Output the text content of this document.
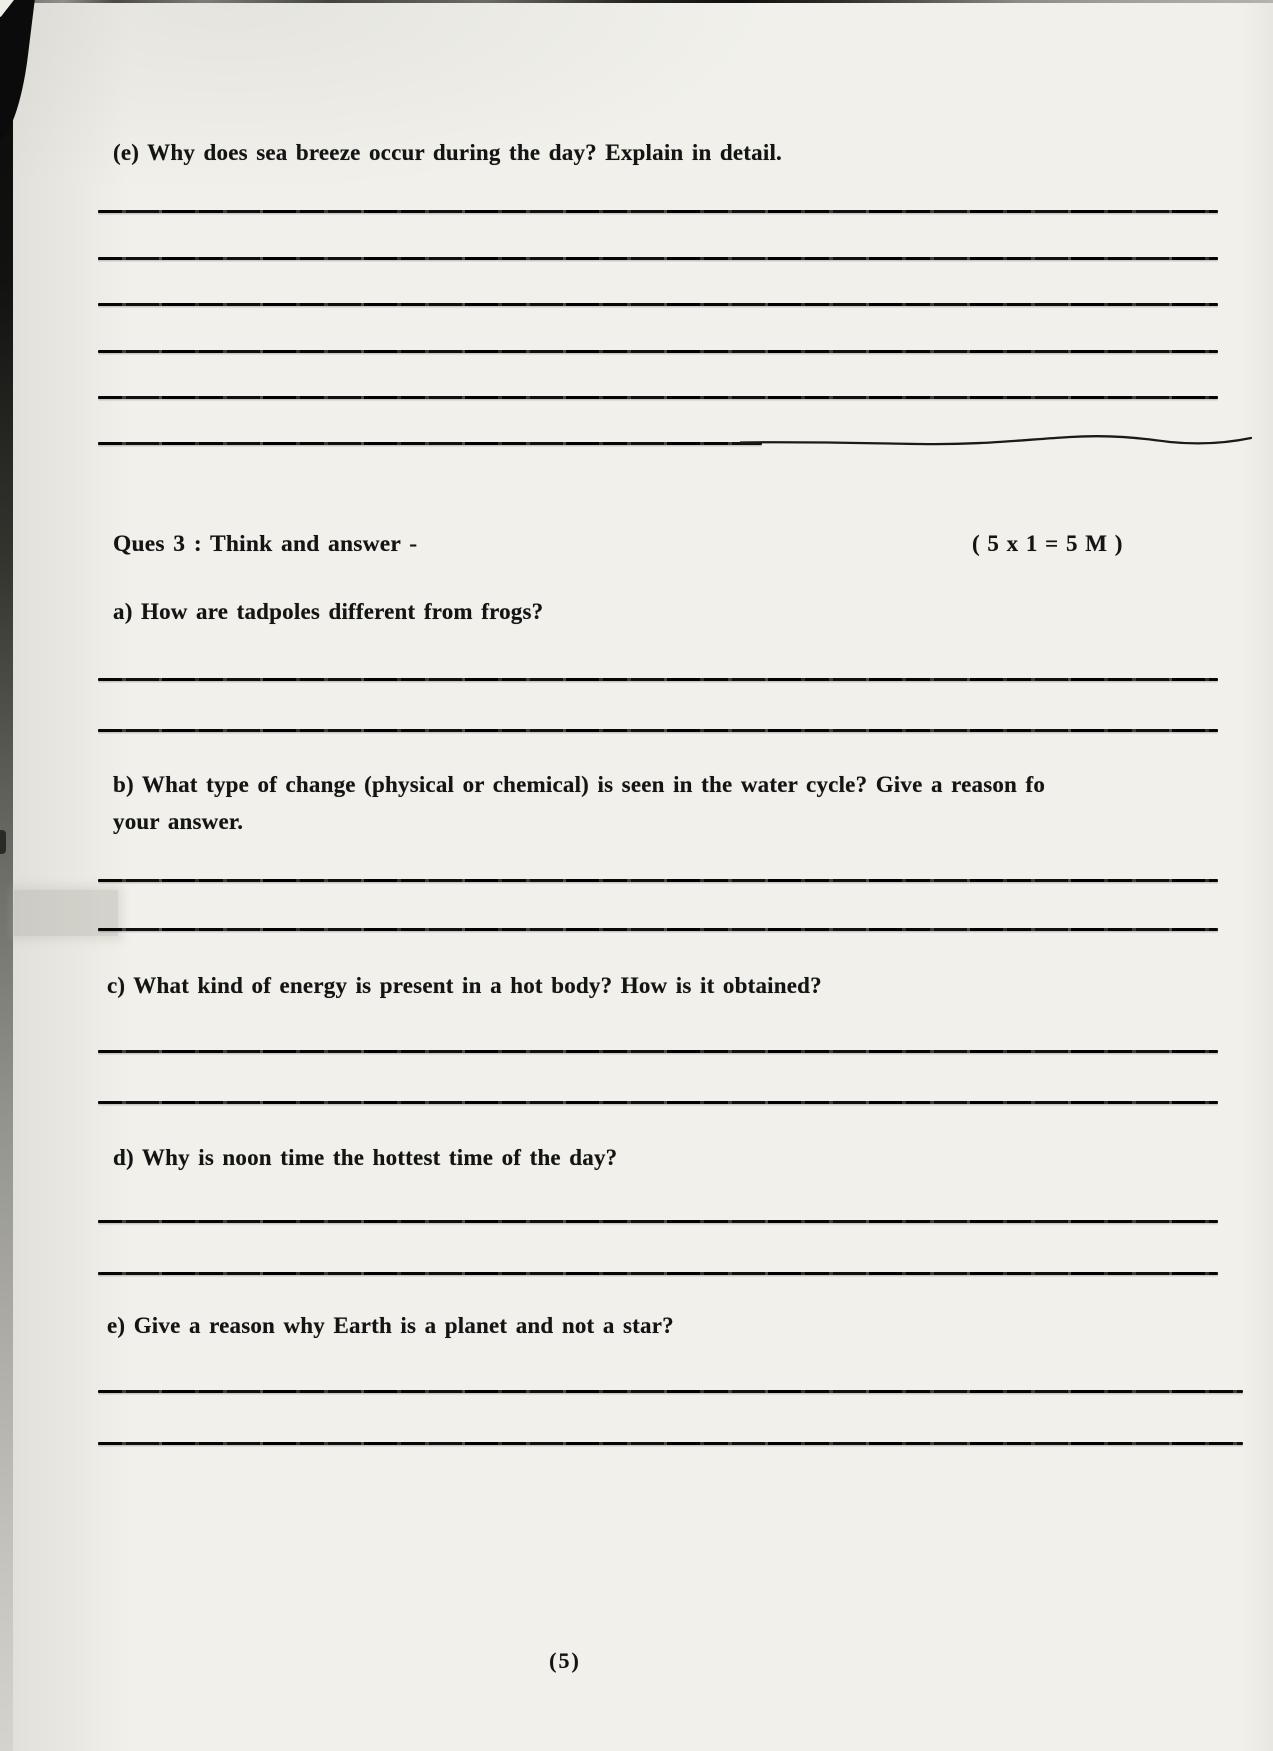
(e) Why does sea breeze occur during the day? Explain in detail.
Ques 3 : Think and answer -	( 5 x 1 = 5 M )
a) How are tadpoles different from frogs?
b) What type of change (physical or chemical) is seen in the water cycle? Give a reason fo
your answer.
c) What kind of energy is present in a hot body? How is it obtained?
d) Why is noon time the hottest time of the day?
e) Give a reason why Earth is a planet and not a star?
(5)
